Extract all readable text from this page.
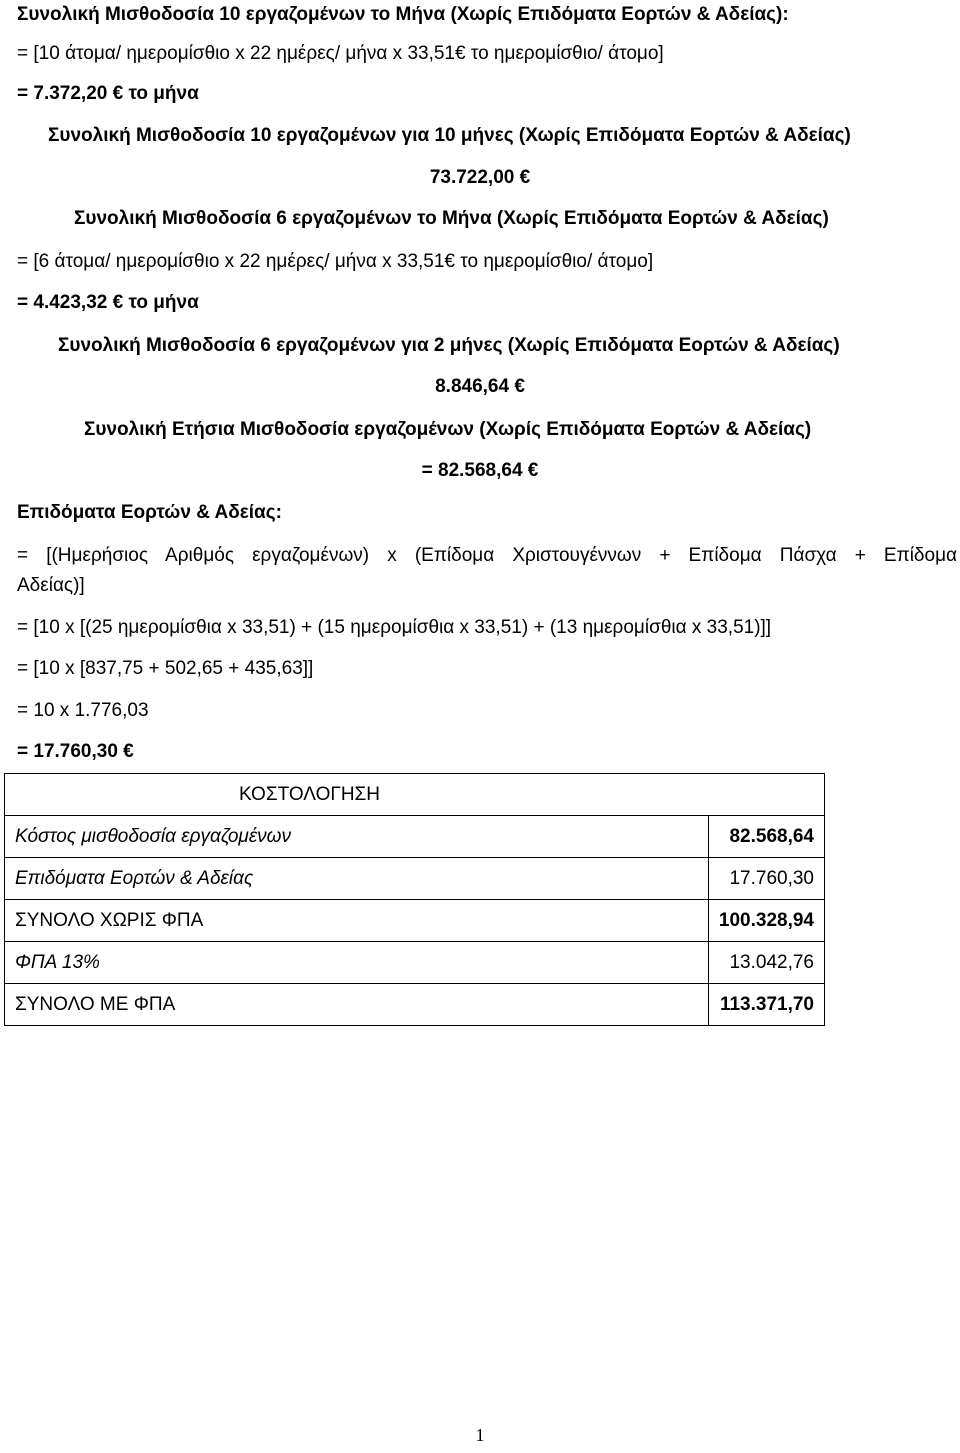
Συνολική Μισθοδοσία 10 εργαζομένων το Μήνα (Χωρίς Επιδόματα Εορτών & Αδείας):
= [10 άτομα/ ημερομίσθιο x 22 ημέρες/ μήνα x 33,51€ το ημερομίσθιο/ άτομο]
= 7.372,20 € το μήνα
Συνολική Μισθοδοσία 10 εργαζομένων για 10 μήνες (Χωρίς Επιδόματα Εορτών & Αδείας)
73.722,00 €
Συνολική Μισθοδοσία 6 εργαζομένων το Μήνα (Χωρίς Επιδόματα Εορτών & Αδείας)
= [6 άτομα/ ημερομίσθιο x 22 ημέρες/ μήνα x 33,51€ το ημερομίσθιο/ άτομο]
= 4.423,32 € το μήνα
Συνολική Μισθοδοσία 6 εργαζομένων για 2 μήνες (Χωρίς Επιδόματα Εορτών & Αδείας)
8.846,64 €
Συνολική Ετήσια Μισθοδοσία εργαζομένων (Χωρίς Επιδόματα Εορτών & Αδείας)
= 82.568,64 €
Επιδόματα Εορτών & Αδείας:
= [(Ημερήσιος Αριθμός εργαζομένων) x (Επίδομα Χριστουγέννων + Επίδομα Πάσχα + Επίδομα
Αδείας)]
= [10 x [(25 ημερομίσθια x 33,51) + (15 ημερομίσθια x 33,51) + (13 ημερομίσθια x 33,51)]]
= [10 x [837,75 + 502,65 + 435,63]]
= 10 x 1.776,03
= 17.760,30 €
ΚΟΣΤΟΛΟΓΗΣΗ	
Κόστος μισθοδοσία εργαζομένων	82.568,64
Επιδόματα Εορτών & Αδείας	17.760,30
ΣΥΝΟΛΟ ΧΩΡΙΣ ΦΠΑ	100.328,94
ΦΠΑ 13%	13.042,76
ΣΥΝΟΛΟ ΜΕ ΦΠΑ	113.371,70
1
